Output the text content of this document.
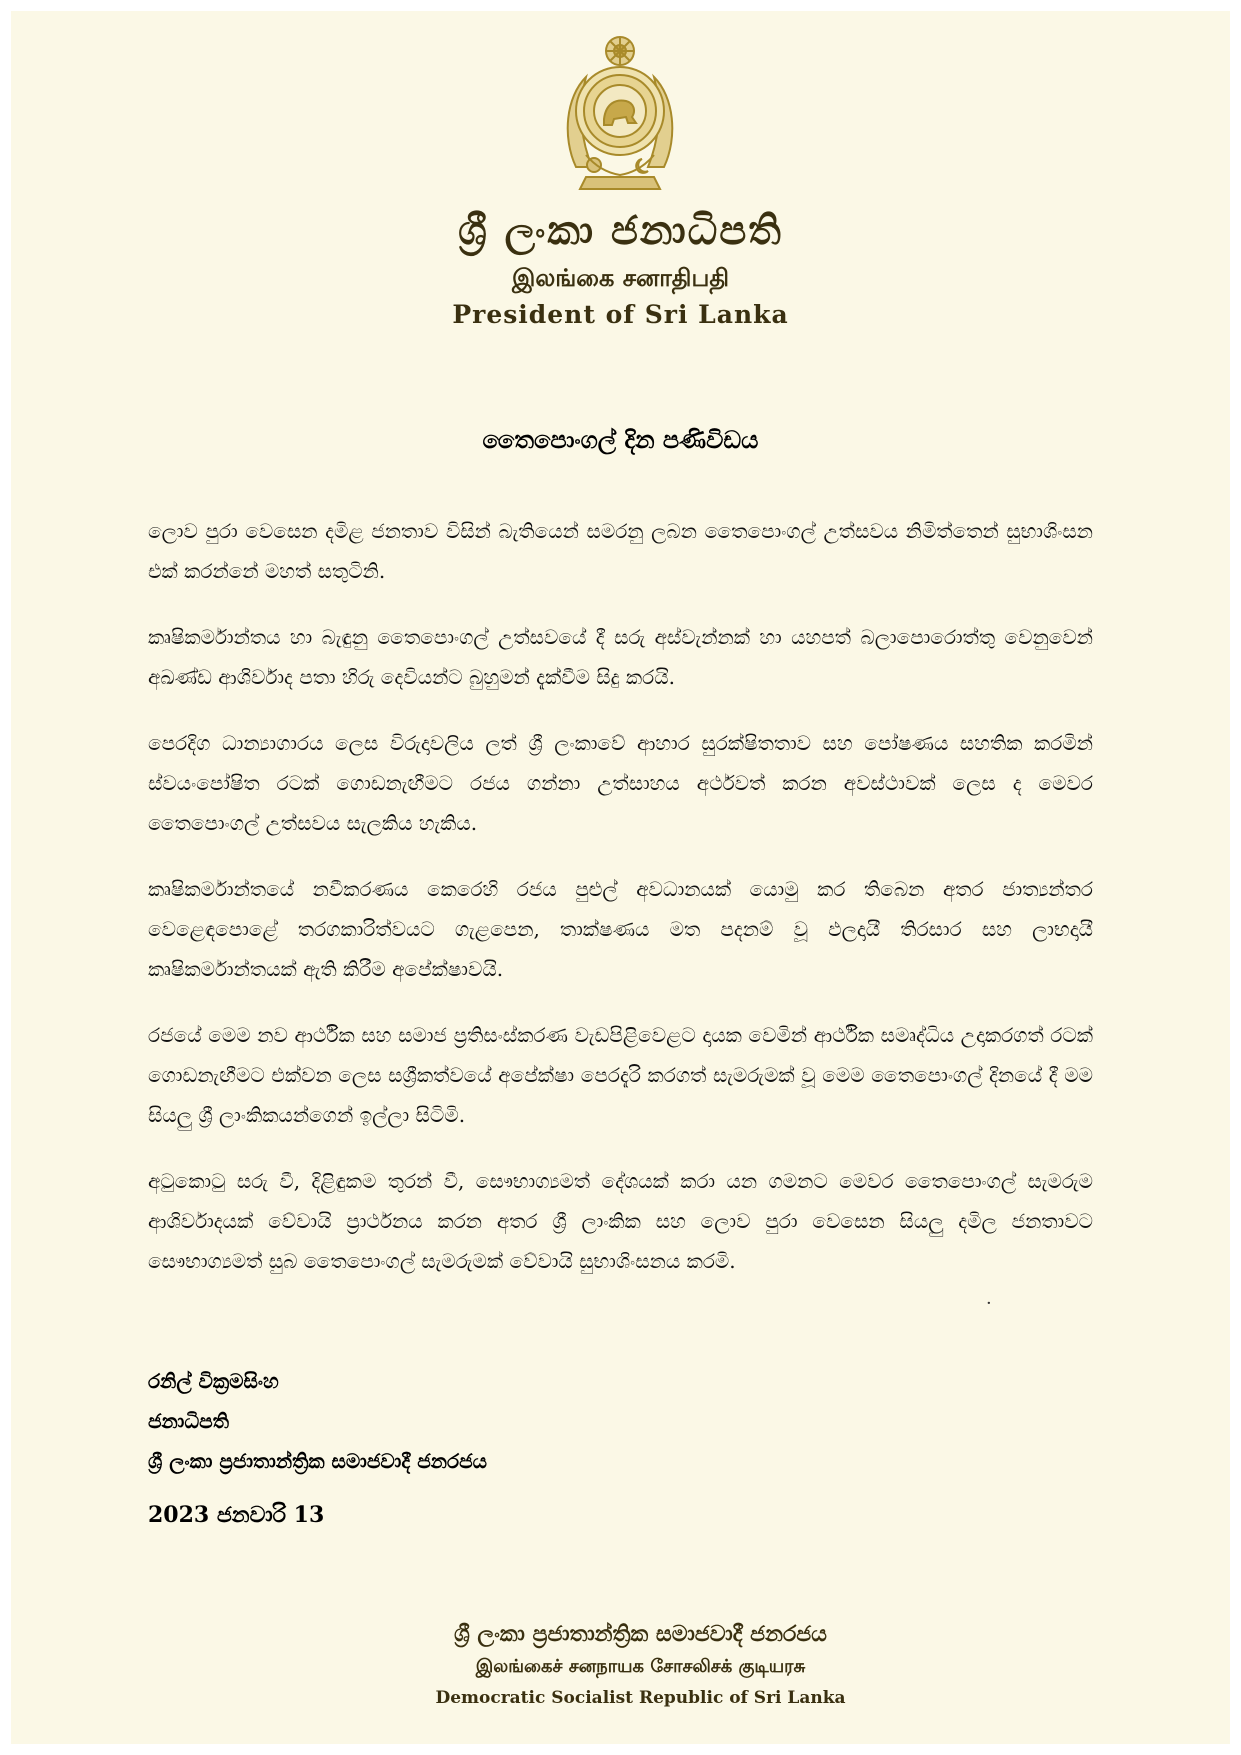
ශ්‍රී ලංකා ජනාධිපති
இலங்கை சனாதிபதி
President of Sri Lanka
තෛපොංගල් දින පණිවිඩය

ලොව පුරා වෙසෙන දමිළ ජනතාව විසින් බැතියෙන් සමරනු ලබන තෛපොංගල් උත්සවය නිමිත්තෙන් සුභාශිංසන එක් කරන්නේ මහත් සතුටිනි.

කෘෂිකර්මාන්තය හා බැඳුනු තෛපොංගල් උත්සවයේ දී සරු අස්වැන්නක් හා යහපත් බලාපොරොත්තු වෙනුවෙන් අඛණ්ඩ ආශිර්වාද පතා හිරු දෙවියන්ට බුහුමන් දැක්වීම සිදු කරයි.

පෙරදිග ධාන්‍යාගාරය ලෙස විරුදාවලිය ලත් ශ්‍රී ලංකාවේ ආහාර සුරක්ෂිතතාව සහ පෝෂණය සහතික කරමින් ස්වයංපෝෂිත රටක් ගොඩනැඟීමට රජය ගන්නා උත්සාහය අර්ථවත් කරන අවස්ථාවක් ලෙස ද මෙවර තෛපොංගල් උත්සවය සැලකිය හැකිය.

කෘෂිකර්මාන්තයේ නවීකරණය කෙරෙහි රජය පුළුල් අවධානයක් යොමු කර තිබෙන අතර ජාත්‍යන්තර වෙළෙඳපොළේ තරගකාරිත්වයට ගැළපෙන, තාක්ෂණය මත පදනම් වූ ඵලදායී තිරසාර සහ ලාභදායී කෘෂිකර්මාන්තයක් ඇති කිරීම අපේක්ෂාවයි.

රජයේ මෙම නව ආර්ථික සහ සමාජ ප්‍රතිසංස්කරණ වැඩපිළිවෙළට දායක වෙමින් ආර්ථික සමෘද්ධිය උදාකරගත් රටක් ගොඩනැඟීමට එක්වන ලෙස සශ්‍රීකත්වයේ අපේක්ෂා පෙරදැරි කරගත් සැමරුමක් වූ මෙම තෛපොංගල් දිනයේ දී මම සියලු ශ්‍රී ලාංකිකයන්ගෙන් ඉල්ලා සිටිමි.

අටුකොටු සරු වී, දිළිඳුකම තුරන් වී, සෞභාග්‍යමත් දේශයක් කරා යන ගමනට මෙවර තෛපොංගල් සැමරුම ආශිර්වාදයක් වේවායි ප්‍රාර්ථනය කරන අතර ශ්‍රී ලාංකික සහ ලොව පුරා වෙසෙන සියලු දමිල ජනතාවට සෞභාග්‍යමත් සුබ තෛපොංගල් සැමරුමක් වේවායි සුභාශිංසනය කරමි.

·
රනිල් වික්‍රමසිංහ
ජනාධිපති
ශ්‍රී ලංකා ප්‍රජාතාන්ත්‍රික සමාජවාදී ජනරජය
2023 ජනවාරි 13
ශ්‍රී ලංකා ප්‍රජාතාන්ත්‍රික සමාජවාදී ජනරජය
இலங்கைச் சனநாயக சோசலிசக் குடியரசு
Democratic Socialist Republic of Sri Lanka
